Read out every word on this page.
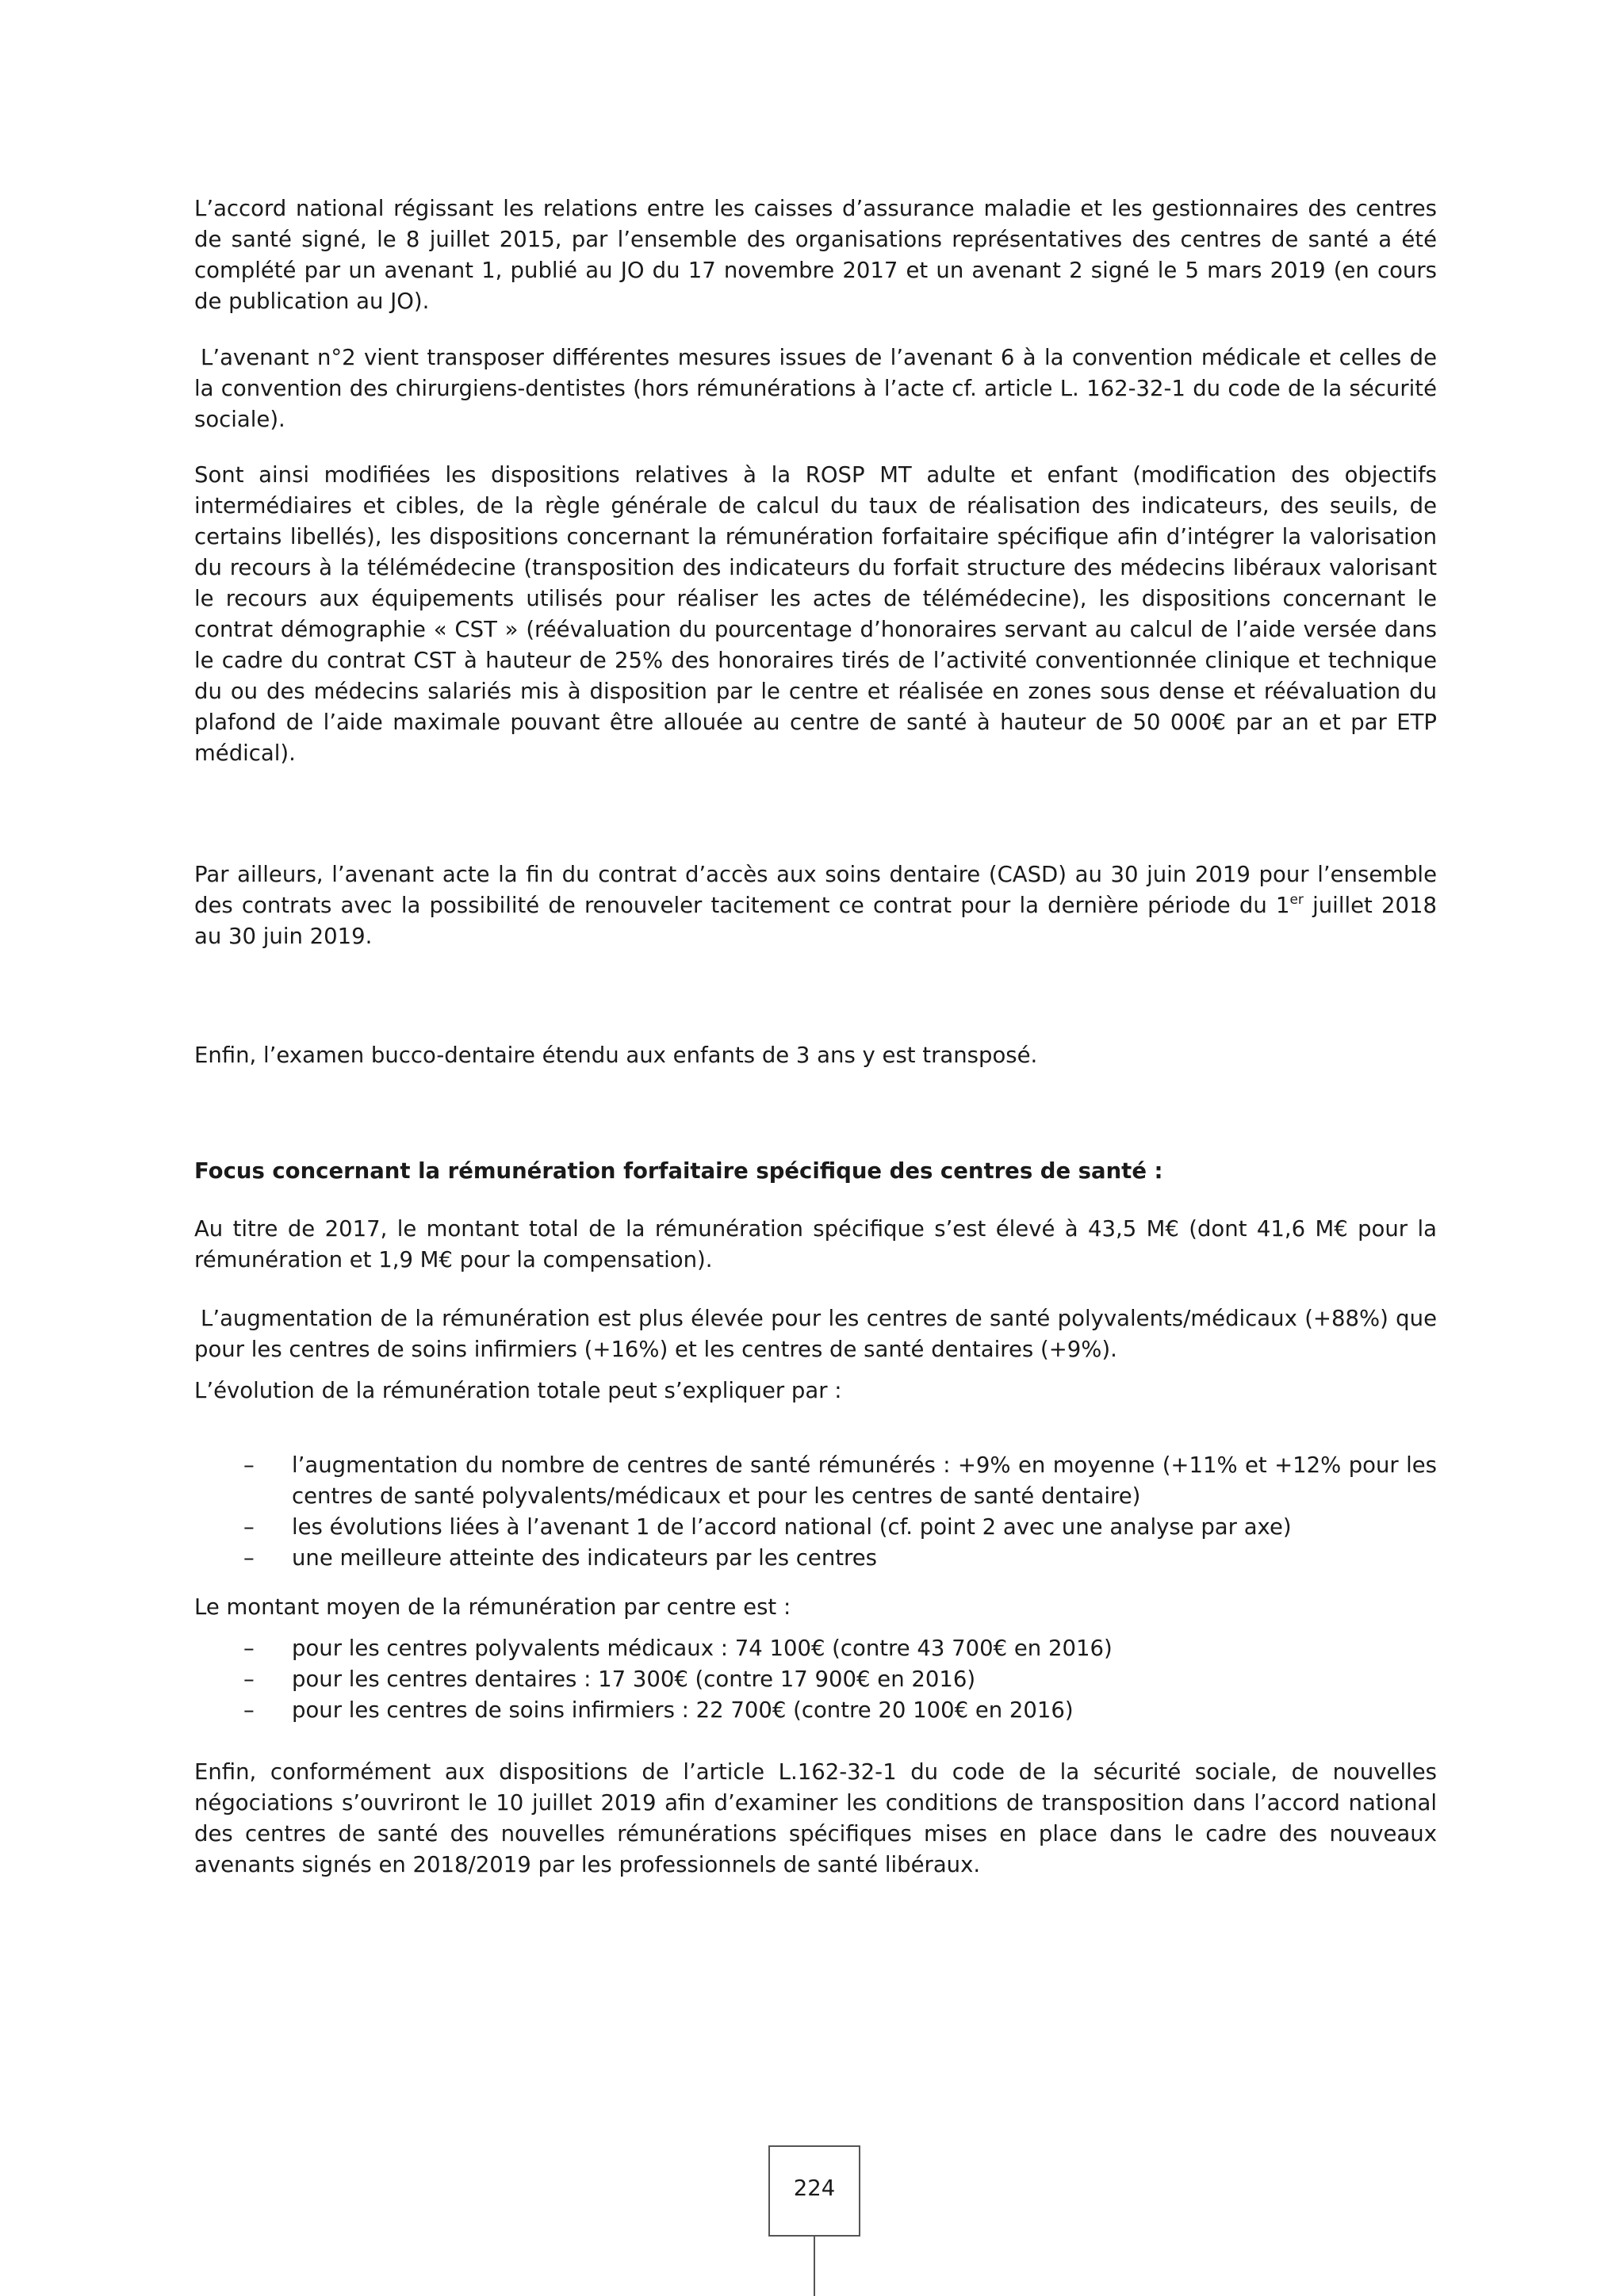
L’accord national régissant les relations entre les caisses d’assurance maladie et les gestionnaires des centres de santé signé, le 8 juillet 2015, par l’ensemble des organisations représentatives des centres de santé a été complété par un avenant 1, publié au JO du 17 novembre 2017 et un avenant 2 signé le 5 mars 2019 (en cours de publication au JO).

L’avenant n°2 vient transposer différentes mesures issues de l’avenant 6 à la convention médicale et celles de la convention des chirurgiens-dentistes (hors rémunérations à l’acte cf. article L. 162-32-1 du code de la sécurité sociale).

Sont ainsi modifiées les dispositions relatives à la ROSP MT adulte et enfant (modification des objectifs intermédiaires et cibles, de la règle générale de calcul du taux de réalisation des indicateurs, des seuils, de certains libellés), les dispositions concernant la rémunération forfaitaire spécifique afin d’intégrer la valorisation du recours à la télémédecine (transposition des indicateurs du forfait structure des médecins libéraux valorisant le recours aux équipements utilisés pour réaliser les actes de télémédecine), les dispositions concernant le contrat démographie « CST » (réévaluation du pourcentage d’honoraires servant au calcul de l’aide versée dans le cadre du contrat CST à hauteur de 25% des honoraires tirés de l’activité conventionnée clinique et technique du ou des médecins salariés mis à disposition par le centre et réalisée en zones sous dense et réévaluation du plafond de l’aide maximale pouvant être allouée au centre de santé à hauteur de 50 000€ par an et par ETP médical).

Par ailleurs, l’avenant acte la fin du contrat d’accès aux soins dentaire (CASD) au 30 juin 2019 pour l’ensemble des contrats avec la possibilité de renouveler tacitement ce contrat pour la dernière période du 1er juillet 2018 au 30 juin 2019.

Enfin, l’examen bucco-dentaire étendu aux enfants de 3 ans y est transposé.

Focus concernant la rémunération forfaitaire spécifique des centres de santé :

Au titre de 2017, le montant total de la rémunération spécifique s’est élevé à 43,5 M€ (dont 41,6 M€ pour la rémunération et 1,9 M€ pour la compensation).

L’augmentation de la rémunération est plus élevée pour les centres de santé polyvalents/médicaux (+88%) que pour les centres de soins infirmiers (+16%) et les centres de santé dentaires (+9%).

L’évolution de la rémunération totale peut s’expliquer par :

– l’augmentation du nombre de centres de santé rémunérés : +9% en moyenne (+11% et +12% pour les centres de santé polyvalents/médicaux et pour les centres de santé dentaire)
– les évolutions liées à l’avenant 1 de l’accord national (cf. point 2 avec une analyse par axe)
– une meilleure atteinte des indicateurs par les centres

Le montant moyen de la rémunération par centre est :

– pour les centres polyvalents médicaux : 74 100€ (contre 43 700€ en 2016)
– pour les centres dentaires : 17 300€ (contre 17 900€ en 2016)
– pour les centres de soins infirmiers : 22 700€ (contre 20 100€ en 2016)

Enfin, conformément aux dispositions de l’article L.162-32-1 du code de la sécurité sociale, de nouvelles négociations s’ouvriront le 10 juillet 2019 afin d’examiner les conditions de transposition dans l’accord national des centres de santé des nouvelles rémunérations spécifiques mises en place dans le cadre des nouveaux avenants signés en 2018/2019 par les professionnels de santé libéraux.

224
